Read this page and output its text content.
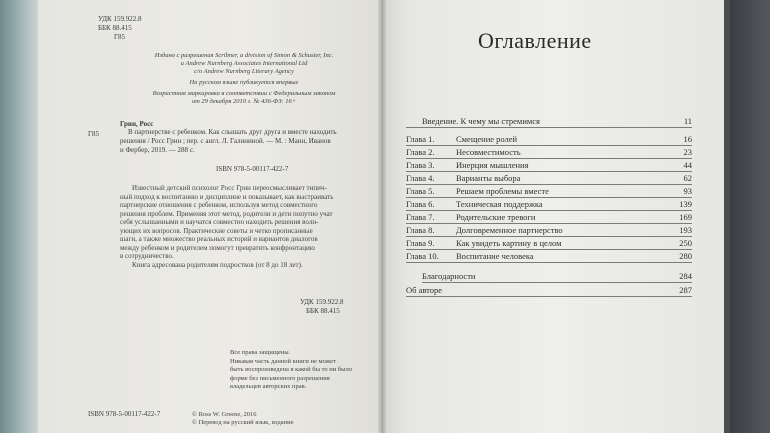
УДК 159.922.8
ББК 88.415
Г85
Издано с разрешения Scribner, a division of Simon & Schuster, Inc.
и Andrew Nurnberg Associates International Ltd
c/o Andrew Nurnberg Literary Agency
На русском языке публикуется впервые
Возрастная маркировка в соответствии с Федеральным законом
от 29 декабря 2010 г. № 436-ФЗ: 16+
Г85
Грин, Росс
В партнерстве с ребенком. Как слышать друг друга и вместе находить
решения / Росс Грин ; пер. с англ. Л. Галининой. — М. : Манн, Иванов
и Фербер, 2019. — 288 с.
ISBN 978-5-00117-422-7
Известный детский психолог Росс Грин переосмысливает типич-
ный подход к воспитанию и дисциплине и показывает, как выстраивать
партнерские отношения с ребенком, используя метод совместного
решения проблем. Применяя этот метод, родители и дети попутно учат
себя услышанными и научатся совместно находить решения волн-
ующих их вопросов. Практические советы и четко прописанные
шаги, а также множество реальных историй и вариантов диалогов
между ребенком и родителем помогут превратить конфронтацию
в сотрудничество.
Книга адресована родителям подростков (от 8 до 18 лет).
УДК 159.922.8
ББК 88.415
Все права защищены.
Никакая часть данной книги не может
быть воспроизведена в какой бы то ни было
форме без письменного разрешения
владельцев авторских прав.
ISBN 978-5-00117-422-7	© Ross W. Greene, 2016
© Перевод на русский язык, издание
Введение. К чему мы стремимся	11
Глава 1.	Смещение ролей	16
Глава 2.	Несовместимость	23
Глава 3.	Инерция мышления	44
Глава 4.	Варианты выбора	62
Глава 5.	Решаем проблемы вместе	93
Глава 6.	Техническая поддержка	139
Глава 7.	Родительские тревоги	169
Глава 8.	Долговременное партнерство	193
Глава 9.	Как увидеть картину в целом	250
Глава 10. Воспитание человека	280
Благодарности	284
Об авторе	287
Оглавление
